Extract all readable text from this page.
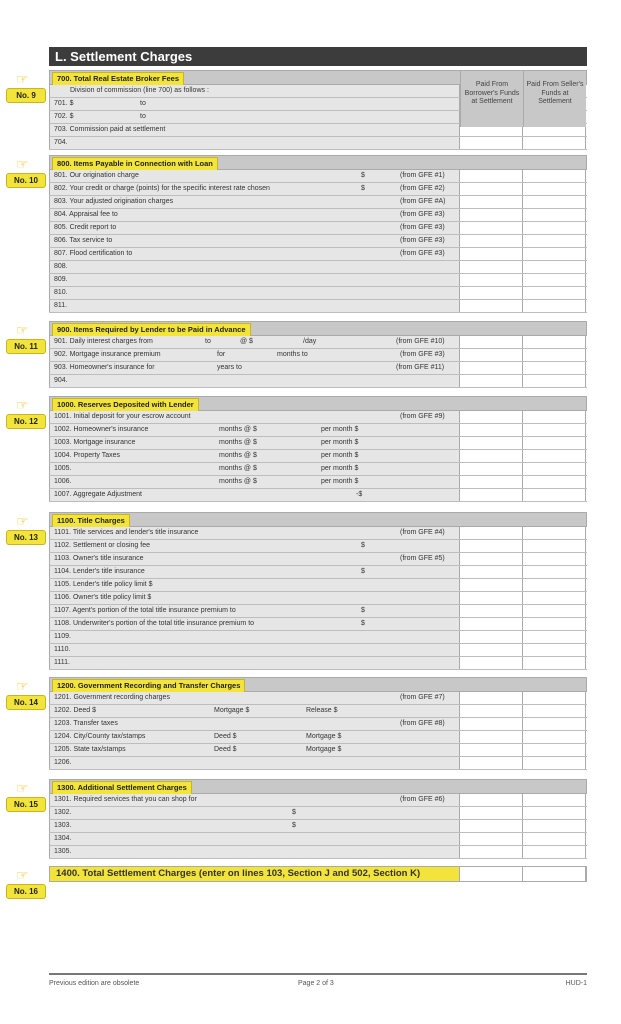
L. Settlement Charges
700. Total Real Estate Broker Fees
Paid From Borrower's Funds at Settlement
Paid From Seller's Funds at Settlement
Division of commission (line 700) as follows :
701. $	to
702. $	to
703. Commission paid at settlement
704.
☞
No. 9
800. Items Payable in Connection with Loan
801. Our origination charge	$	(from GFE #1)
802. Your credit or charge (points) for the specific interest rate chosen	$	(from GFE #2)
803. Your adjusted origination charges	(from GFE #A)
804. Appraisal fee to	(from GFE #3)
805. Credit report to	(from GFE #3)
806. Tax service to	(from GFE #3)
807. Flood certification to	(from GFE #3)
808.
809.
810.
811.
☞
No. 10
900. Items Required by Lender to be Paid in Advance
901. Daily interest charges from	to	@ $	/day	(from GFE #10)
902. Mortgage insurance premium	for	months to	(from GFE #3)
903. Homeowner's insurance for	years to	(from GFE #11)
904.
☞
No. 11
1000. Reserves Deposited with Lender
1001. Initial deposit for your escrow account	(from GFE #9)
1002. Homeowner's insurance	months @ $	per month $
1003. Mortgage insurance	months @ $	per month $
1004. Property Taxes	months @ $	per month $
1005.	months @ $	per month $
1006.	months @ $	per month $
1007. Aggregate Adjustment	-$
☞
No. 12
1100. Title Charges
1101. Title services and lender's title insurance	(from GFE #4)
1102. Settlement or closing fee	$
1103. Owner's title insurance	(from GFE #5)
1104. Lender's title insurance	$
1105. Lender's title policy limit $
1106. Owner's title policy limit $
1107. Agent's portion of the total title insurance premium to	$
1108. Underwriter's portion of the total title insurance premium to	$
1109.
1110.
1111.
☞
No. 13
1200. Government Recording and Transfer Charges
1201. Government recording charges	(from GFE #7)
1202. Deed $	Mortgage $	Release $
1203. Transfer taxes	(from GFE #8)
1204. City/County tax/stamps	Deed $	Mortgage $
1205. State tax/stamps	Deed $	Mortgage $
1206.
☞
No. 14
1300. Additional Settlement Charges
1301. Required services that you can shop for	(from GFE #6)
1302.	$
1303.	$
1304.
1305.
☞
No. 15
1400. Total Settlement Charges (enter on lines 103, Section J and 502, Section K)
☞
No. 16
Previous edition are obsolete	Page 2 of 3	HUD-1
